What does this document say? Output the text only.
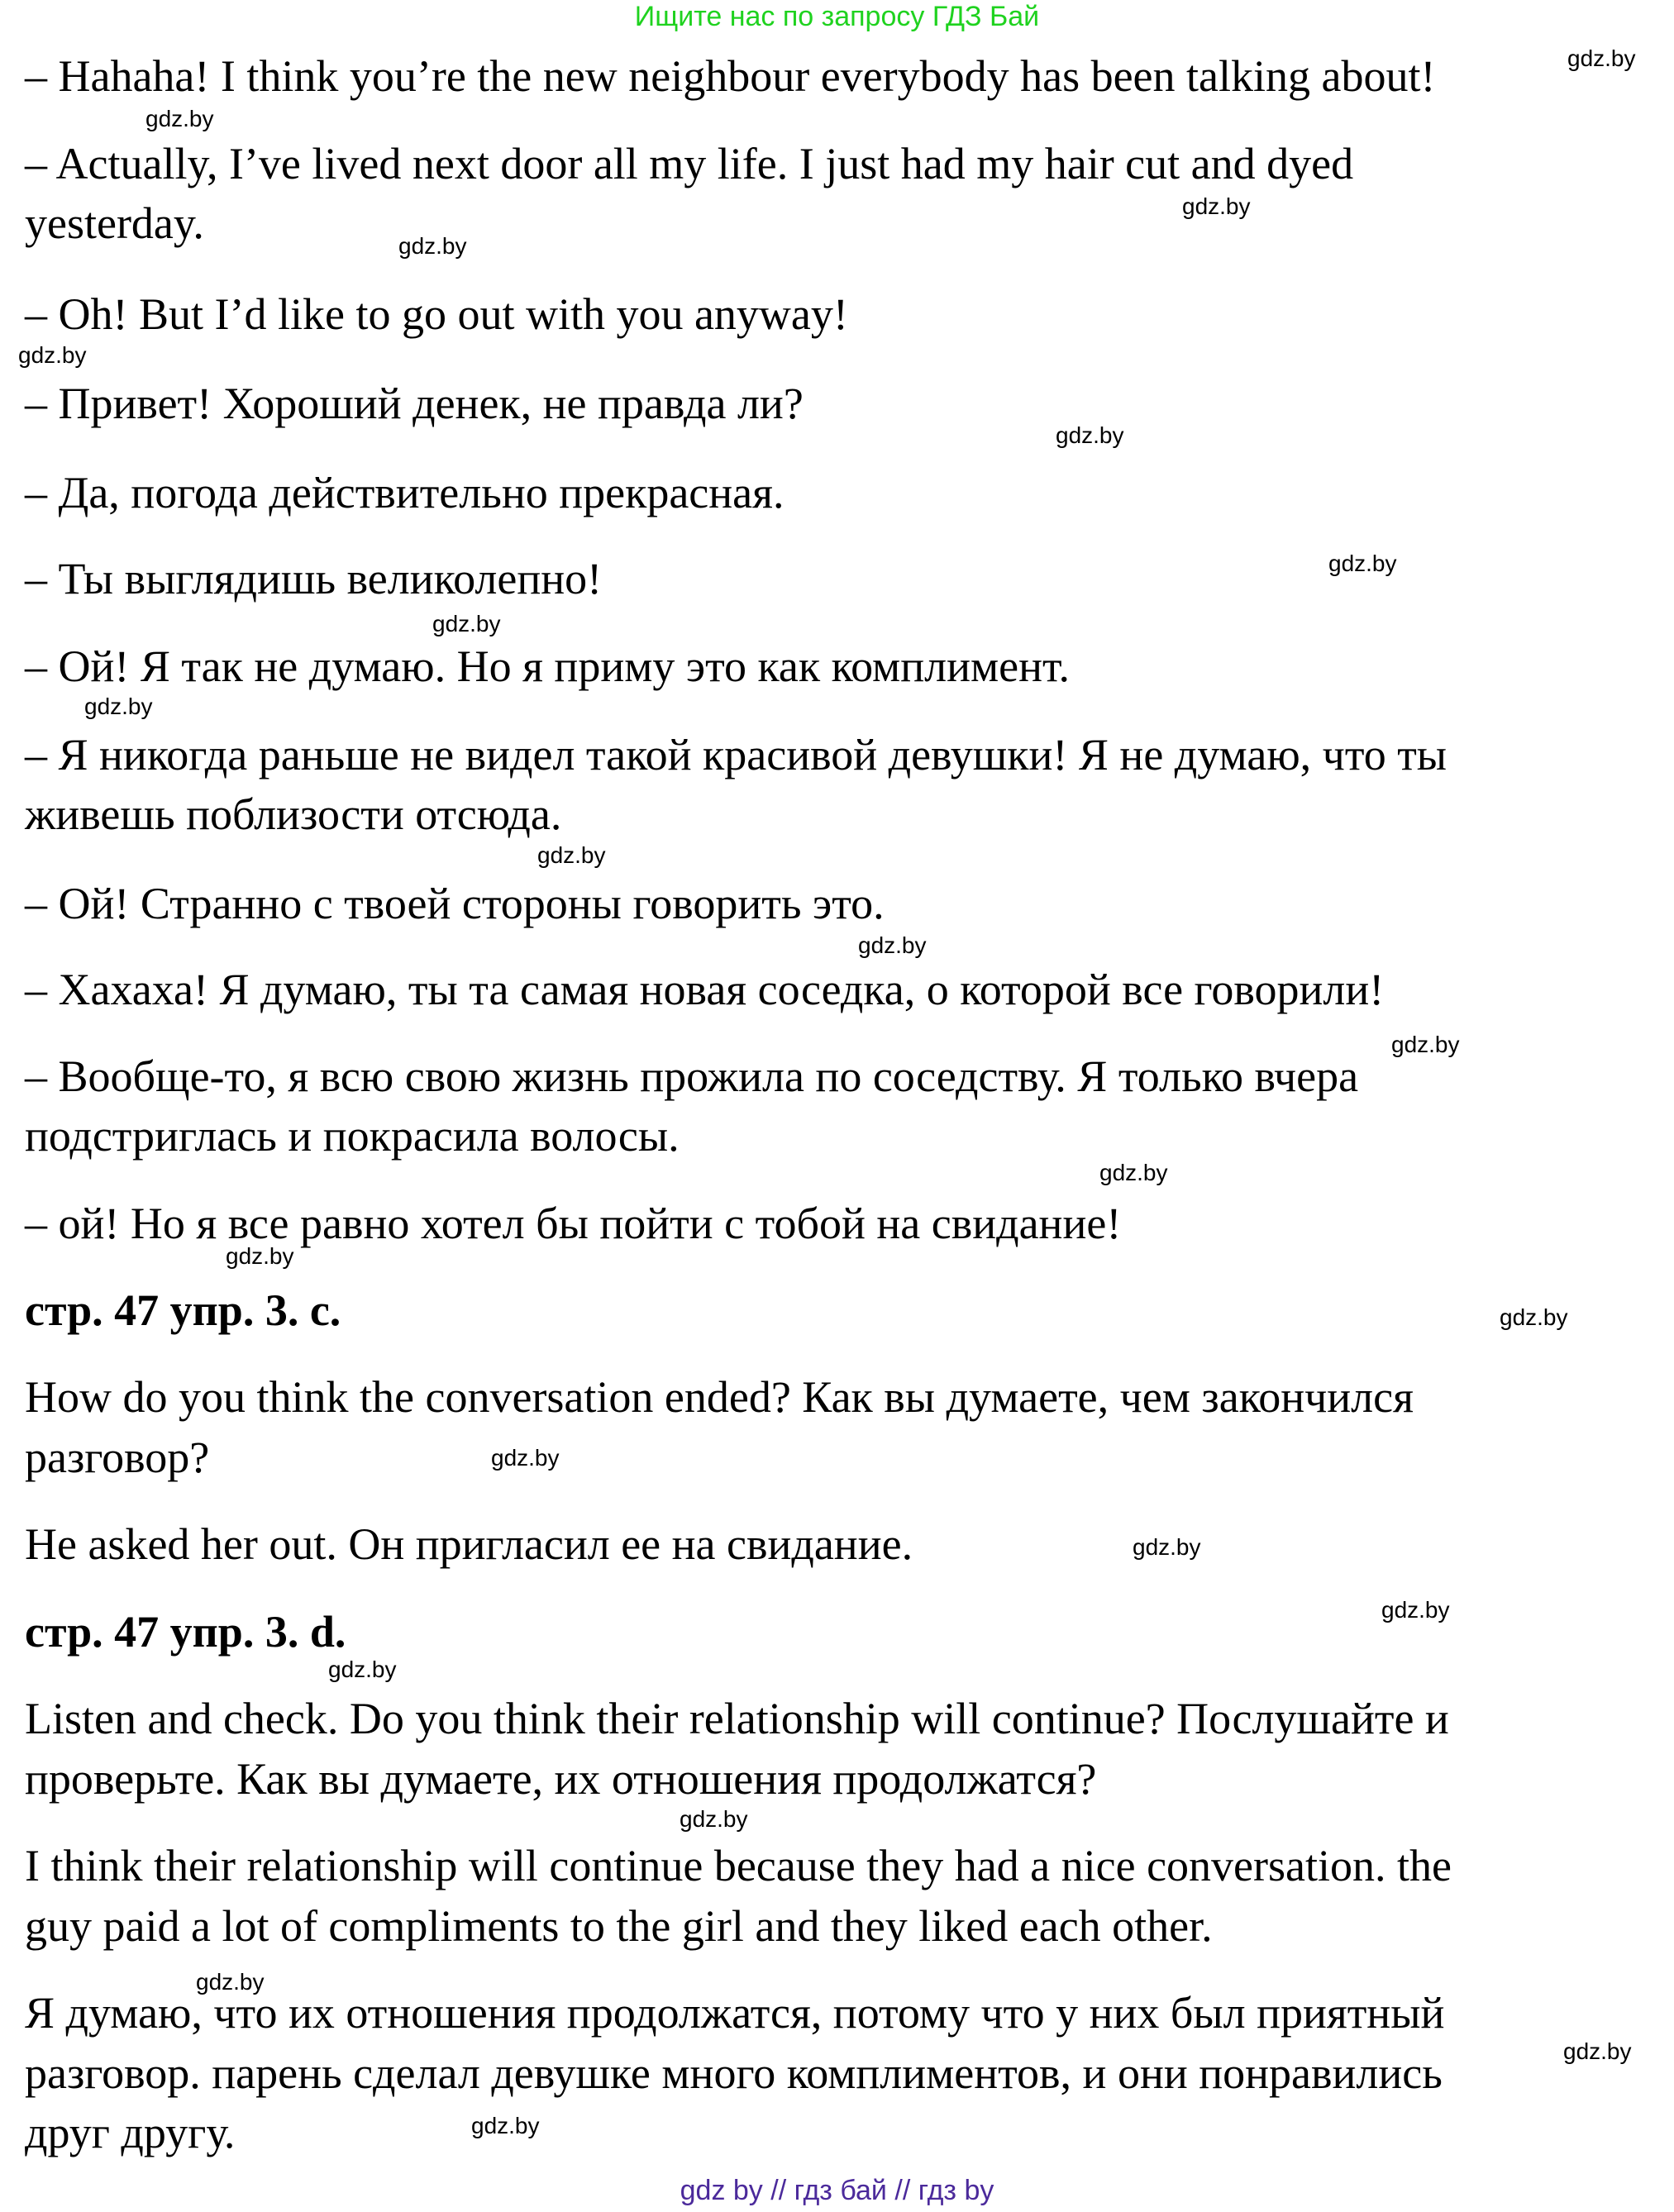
Ищите нас по запросу ГДЗ Бай
– Hahaha! I think you’re the new neighbour everybody has been talking about!
– Actually, I’ve lived next door all my life. I just had my hair cut and dyed
yesterday.
– Oh! But I’d like to go out with you anyway!
– Привет! Хороший денек, не правда ли?
– Да, погода действительно прекрасная.
– Ты выглядишь великолепно!
– Ой! Я так не думаю. Но я приму это как комплимент.
– Я никогда раньше не видел такой красивой девушки! Я не думаю, что ты
живешь поблизости отсюда.
– Ой! Странно с твоей стороны говорить это.
– Хахаха! Я думаю, ты та самая новая соседка, о которой все говорили!
– Вообще-то, я всю свою жизнь прожила по соседству. Я только вчера
подстриглась и покрасила волосы.
– ой! Но я все равно хотел бы пойти с тобой на свидание!
стр. 47 упр. 3. c.
How do you think the conversation ended? Как вы думаете, чем закончился
разговор?
He asked her out. Он пригласил ее на свидание.
стр. 47 упр. 3. d.
Listen and check. Do you think their relationship will continue? Послушайте и
проверьте. Как вы думаете, их отношения продолжатся?
I think their relationship will continue because they had a nice conversation. the
guy paid a lot of compliments to the girl and they liked each other.
Я думаю, что их отношения продолжатся, потому что у них был приятный
разговор. парень сделал девушке много комплиментов, и они понравились
друг другу.
gdz.by
gdz.by
gdz.by
gdz.by
gdz.by
gdz.by
gdz.by
gdz.by
gdz.by
gdz.by
gdz.by
gdz.by
gdz.by
gdz.by
gdz.by
gdz.by
gdz.by
gdz.by
gdz.by
gdz.by
gdz.by
gdz.by
gdz.by
gdz by // гдз бай // гдз by
